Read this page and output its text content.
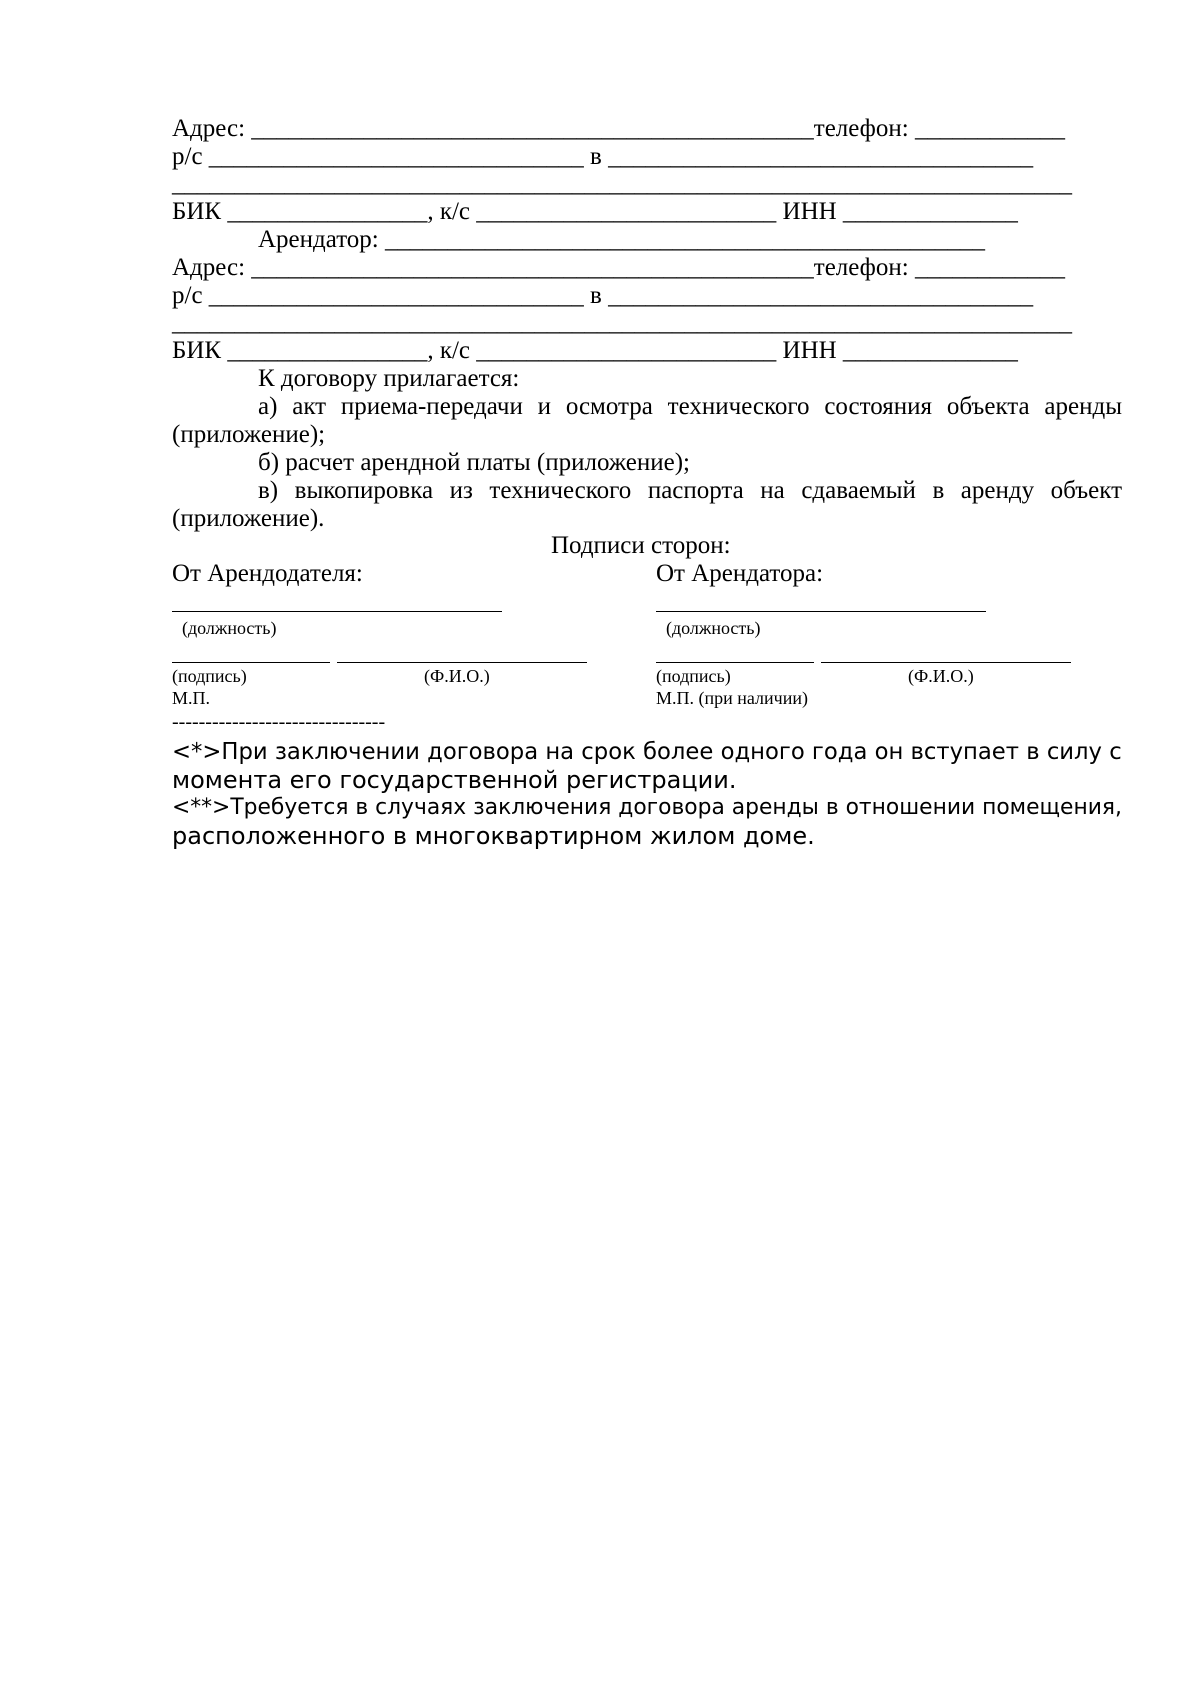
Адрес: _____________________________________________телефон: ____________
р/с ______________________________ в __________________________________
________________________________________________________________________
БИК ________________, к/с ________________________ ИНН ______________
Арендатор: ________________________________________________
Адрес: _____________________________________________телефон: ____________
р/с ______________________________ в __________________________________
________________________________________________________________________
БИК ________________, к/с ________________________ ИНН ______________
К договору прилагается:
а) акт приема-передачи и осмотра технического состояния объекта аренды (приложение);
б) расчет арендной платы (приложение);
в) выкопировка из технического паспорта на сдаваемый в аренду объект (приложение).
Подписи сторон:
От Арендодателя:	От Арендатора:
(должность)	(должность)
(подпись)	(Ф.И.О.)	(подпись)	(Ф.И.О.)
М.П.	М.П. (при наличии)
--------------------------------
<*>При заключении договора на срок более одного года он вступает в силу с
момента его государственной регистрации.
<**>Требуется в случаях заключения договора аренды в отношении помещения,
расположенного в многоквартирном жилом доме.
